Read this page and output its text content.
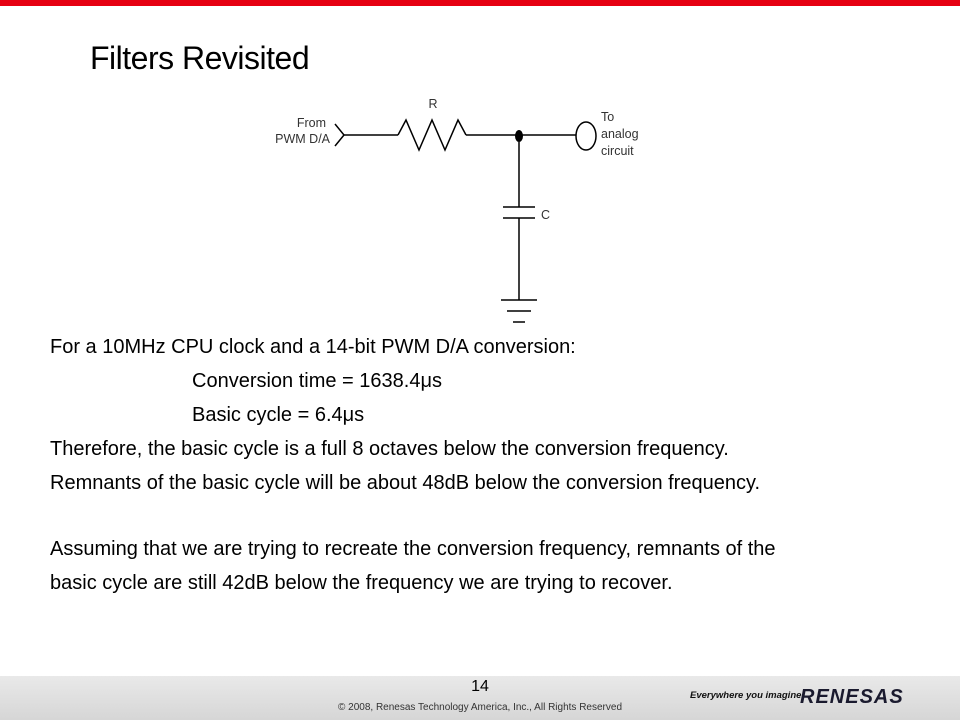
Filters Revisited
From
PWM D/A
R
C
To
analog
circuit
For a 10MHz CPU clock and a 14-bit PWM D/A conversion:
Conversion time = 1638.4μs
Basic cycle = 6.4μs
Therefore, the basic cycle is a full 8 octaves below the conversion frequency.
Remnants of the basic cycle will be about 48dB below the conversion frequency.
Assuming that we are trying to recreate the conversion frequency, remnants of the
basic cycle are still 42dB below the frequency we are trying to recover.
14
© 2008, Renesas Technology America, Inc., All Rights Reserved
Everywhere you imagine.
RENESAS
